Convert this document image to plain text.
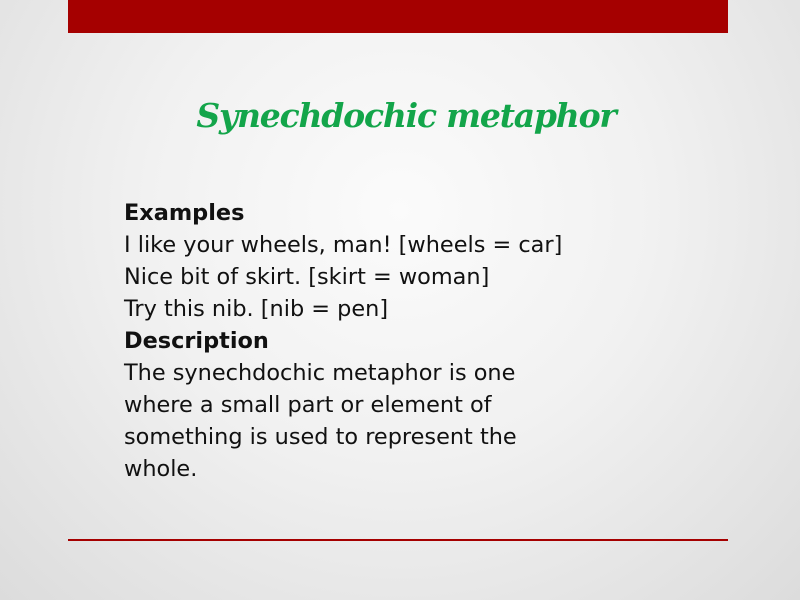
Synechdochic metaphor
Examples
I like your wheels, man! [wheels = car]
Nice bit of skirt. [skirt = woman]
Try this nib. [nib = pen]
Description
The synechdochic metaphor is one
where a small part or element of
something is used to represent the
whole.
